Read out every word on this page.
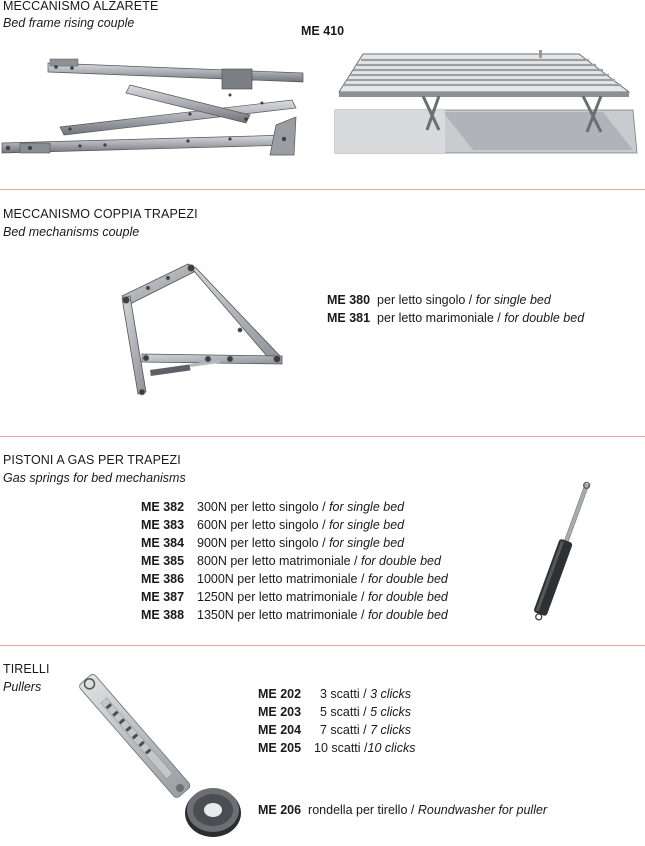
MECCANISMO ALZARETE
Bed frame rising couple
ME 410
MECCANISMO COPPIA TRAPEZI
Bed mechanisms couple
ME 380 per letto singolo / for single bed
ME 381 per letto marimoniale / for double bed
PISTONI A GAS PER TRAPEZI
Gas springs for bed mechanisms
ME 382 300N per letto singolo / for single bed
ME 383 600N per letto singolo / for single bed
ME 384 900N per letto singolo / for single bed
ME 385 800N per letto matrimoniale / for double bed
ME 386 1000N per letto matrimoniale / for double bed
ME 387 1250N per letto matrimoniale / for double bed
ME 388 1350N per letto matrimoniale / for double bed
TIRELLI
Pullers	ME 202 3 scatti / 3 clicks
ME 203 5 scatti / 5 clicks
ME 204 7 scatti / 7 clicks
ME 205 10 scatti /10 clicks
ME 206 rondella per tirello / Roundwasher for puller
